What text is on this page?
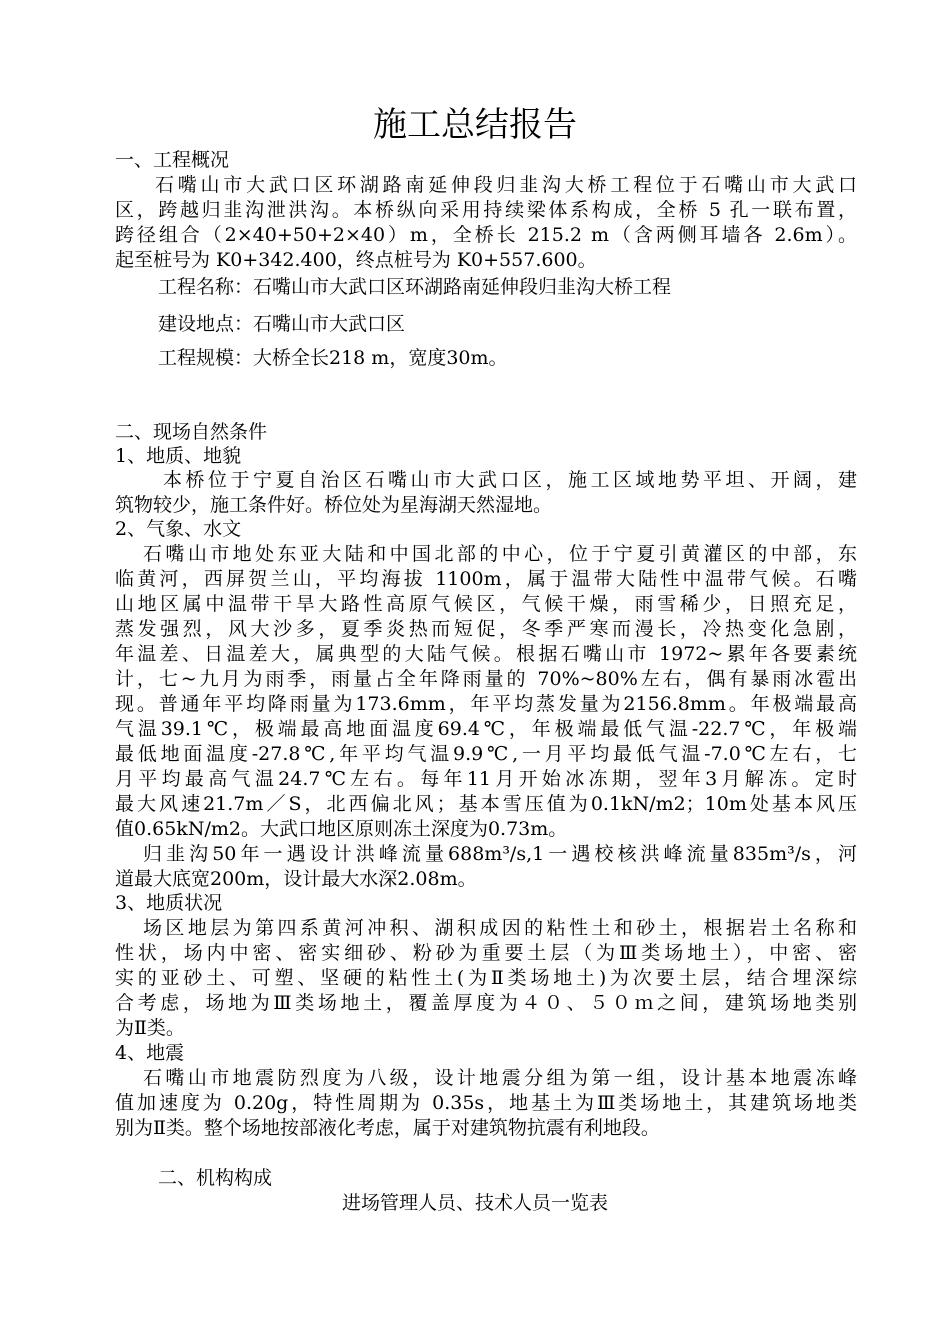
施工总结报告
一、工程概况
石嘴山市大武口区环湖路南延伸段归韭沟大桥工程位于石嘴山市大武口
区，跨越归韭沟泄洪沟。本桥纵向采用持续梁体系构成，全桥 5 孔一联布置，
跨径组合（2×40+50+2×40）m，全桥长 215.2 m（含两侧耳墙各 2.6m）。
起至桩号为 K0+342.400，终点桩号为 K0+557.600。
工程名称：石嘴山市大武口区环湖路南延伸段归韭沟大桥工程
建设地点：石嘴山市大武口区
工程规模：大桥全长218 m，宽度30m。
二、现场自然条件
1、地质、地貌
本桥位于宁夏自治区石嘴山市大武口区，施工区域地势平坦、开阔，建
筑物较少，施工条件好。桥位处为星海湖天然湿地。
2、气象、水文
石嘴山市地处东亚大陆和中国北部的中心，位于宁夏引黄灌区的中部，东
临黄河，西屏贺兰山，平均海拔 1100m，属于温带大陆性中温带气候。石嘴
山地区属中温带干旱大路性高原气候区，气候干燥，雨雪稀少，日照充足，
蒸发强烈，风大沙多，夏季炎热而短促，冬季严寒而漫长，冷热变化急剧，
年温差、日温差大，属典型的大陆气候。根据石嘴山市 1972~累年各要素统
计，七~九月为雨季，雨量占全年降雨量的 70%~80%左右，偶有暴雨冰雹出
现。普通年平均降雨量为173.6mm，年平均蒸发量为2156.8mm。年极端最高
气温39.1℃，极端最高地面温度69.4℃，年极端最低气温-22.7℃，年极端
最低地面温度-27.8℃,年平均气温9.9℃,一月平均最低气温-7.0℃左右，七
月平均最高气温24.7℃左右。每年11月开始冰冻期，翌年3月解冻。定时
最大风速21.7m／S，北西偏北风；基本雪压值为0.1kN/m2；10m处基本风压
值0.65kN/m2。大武口地区原则冻土深度为0.73m。
归韭沟50年一遇设计洪峰流量688m³/s,1一遇校核洪峰流量835m³/s，河
道最大底宽200m，设计最大水深2.08m。
3、地质状况
场区地层为第四系黄河冲积、湖积成因的粘性土和砂土，根据岩土名称和
性状，场内中密、密实细砂、粉砂为重要土层（为Ⅲ类场地土），中密、密
实的亚砂土、可塑、坚硬的粘性土(为Ⅱ类场地土)为次要土层，结合埋深综
合考虑，场地为Ⅲ类场地土，覆盖厚度为４０、５０ｍ之间，建筑场地类别
为Ⅱ类。
4、地震
石嘴山市地震防烈度为八级，设计地震分组为第一组，设计基本地震冻峰
值加速度为 0.20g，特性周期为 0.35s，地基土为Ⅲ类场地土，其建筑场地类
别为Ⅱ类。整个场地按部液化考虑，属于对建筑物抗震有利地段。
二、机构构成
进场管理人员、技术人员一览表
